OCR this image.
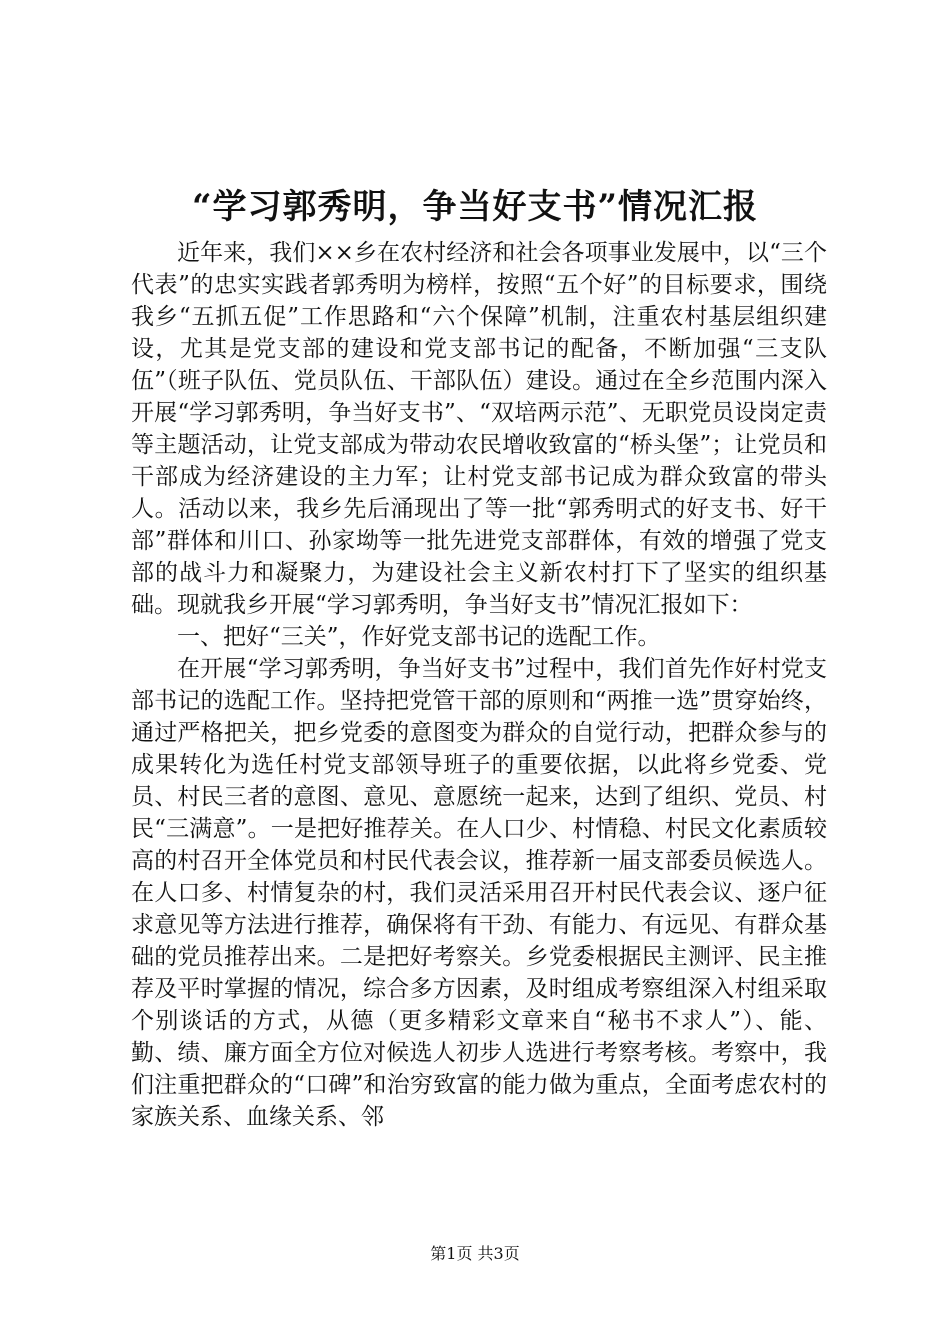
“学习郭秀明，争当好支书”情况汇报

近年来，我们××乡在农村经济和社会各项事业发展中，以“三个代表”的忠实实践者郭秀明为榜样，按照“五个好”的目标要求，围绕我乡“五抓五促”工作思路和“六个保障”机制，注重农村基层组织建设，尤其是党支部的建设和党支部书记的配备，不断加强“三支队伍”（班子队伍、党员队伍、干部队伍）建设。通过在全乡范围内深入开展“学习郭秀明，争当好支书”、“双培两示范”、无职党员设岗定责等主题活动，让党支部成为带动农民增收致富的“桥头堡”；让党员和干部成为经济建设的主力军；让村党支部书记成为群众致富的带头人。活动以来，我乡先后涌现出了等一批“郭秀明式的好支书、好干部”群体和川口、孙家坳等一批先进党支部群体，有效的增强了党支部的战斗力和凝聚力，为建设社会主义新农村打下了坚实的组织基础。现就我乡开展“学习郭秀明，争当好支书”情况汇报如下：

一、把好“三关”，作好党支部书记的选配工作。

在开展“学习郭秀明，争当好支书”过程中，我们首先作好村党支部书记的选配工作。坚持把党管干部的原则和“两推一选”贯穿始终，通过严格把关，把乡党委的意图变为群众的自觉行动，把群众参与的成果转化为选任村党支部领导班子的重要依据，以此将乡党委、党员、村民三者的意图、意见、意愿统一起来，达到了组织、党员、村民“三满意”。一是把好推荐关。在人口少、村情稳、村民文化素质较高的村召开全体党员和村民代表会议，推荐新一届支部委员候选人。在人口多、村情复杂的村，我们灵活采用召开村民代表会议、逐户征求意见等方法进行推荐，确保将有干劲、有能力、有远见、有群众基础的党员推荐出来。二是把好考察关。乡党委根据民主测评、民主推荐及平时掌握的情况，综合多方因素，及时组成考察组深入村组采取个别谈话的方式，从德（更多精彩文章来自“秘书不求人”）、能、勤、绩、廉方面全方位对候选人初步人选进行考察考核。考察中，我们注重把群众的“口碑”和治穷致富的能力做为重点，全面考虑农村的家族关系、血缘关系、邻

第1页 共3页
